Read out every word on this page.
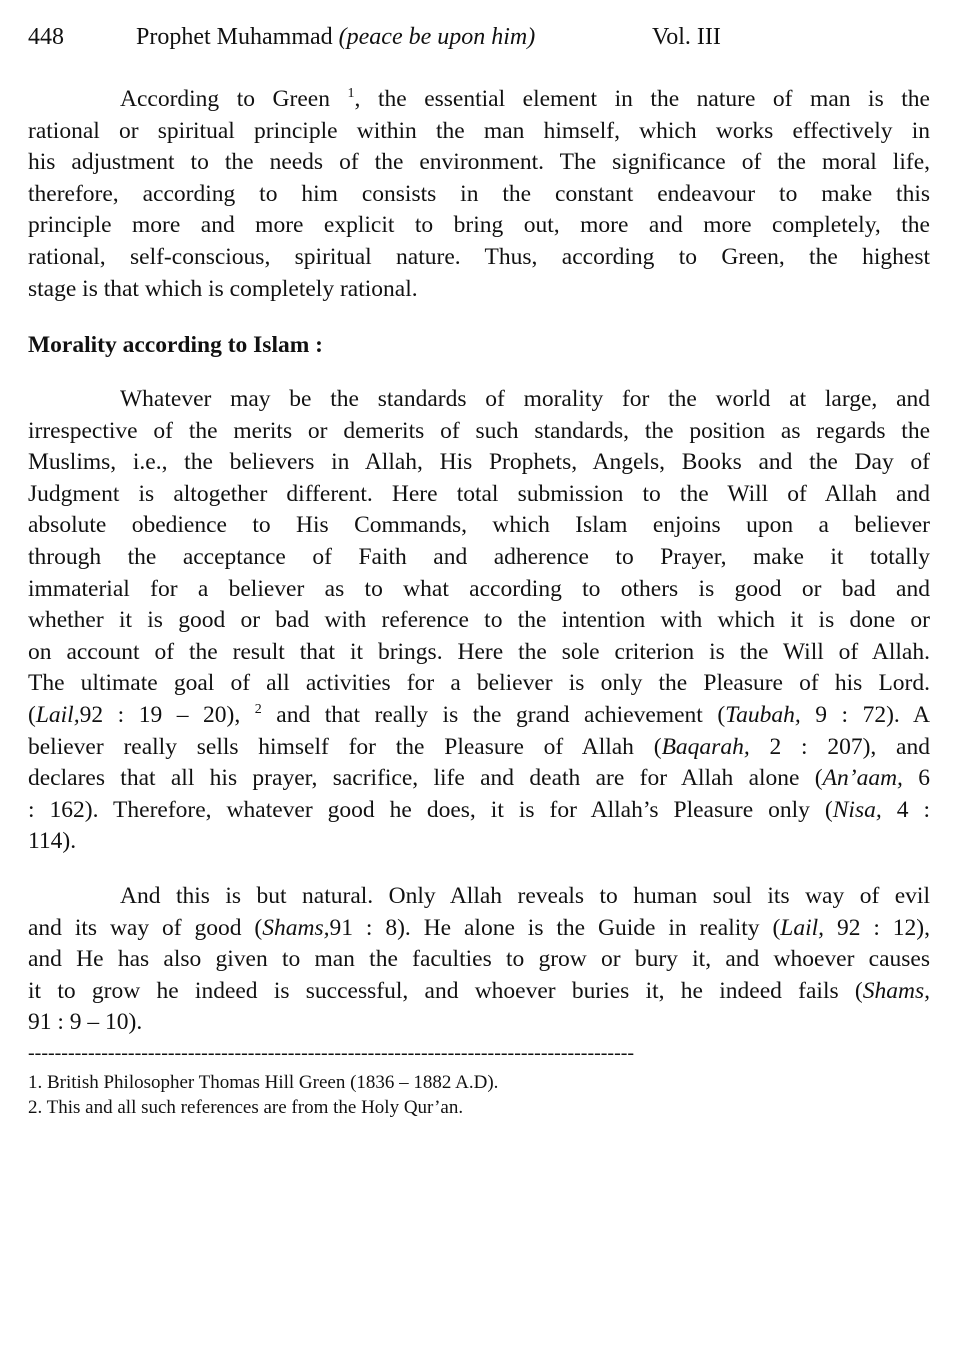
448	Prophet Muhammad (peace be upon him)	Vol. III
According to Green $^1$, the essential element in the nature of man is the
rational or spiritual principle within the man himself, which works effectively in
his adjustment to the needs of the environment. The significance of the moral life,
therefore, according to him consists in the constant endeavour to make this
principle more and more explicit to bring out, more and more completely, the
rational, self-conscious, spiritual nature. Thus, according to Green, the highest
stage is that which is completely rational.
Morality according to Islam :
Whatever may be the standards of morality for the world at large, and
irrespective of the merits or demerits of such standards, the position as regards the
Muslims, i.e., the believers in Allah, His Prophets, Angels, Books and the Day of
Judgment is altogether different. Here total submission to the Will of Allah and
absolute obedience to His Commands, which Islam enjoins upon a believer
through the acceptance of Faith and adherence to Prayer, make it totally
immaterial for a believer as to what according to others is good or bad and
whether it is good or bad with reference to the intention with which it is done or
on account of the result that it brings. Here the sole criterion is the Will of Allah.
The ultimate goal of all activities for a believer is only the Pleasure of his Lord.
(Lail,92 : 19 – 20), $^2$ and that really is the grand achievement (Taubah, 9 : 72). A
believer really sells himself for the Pleasure of Allah (Baqarah, 2 : 207), and
declares that all his prayer, sacrifice, life and death are for Allah alone (An’aam, 6
: 162). Therefore, whatever good he does, it is for Allah’s Pleasure only (Nisa, 4 :
114).
And this is but natural. Only Allah reveals to human soul its way of evil
and its way of good (Shams,91 : 8). He alone is the Guide in reality (Lail, 92 : 12),
and He has also given to man the faculties to grow or bury it, and whoever causes
it to grow he indeed is successful, and whoever buries it, he indeed fails (Shams,
91 : 9 – 10).
-------------------------------------------------------------------------------------------
1. British Philosopher Thomas Hill Green (1836 – 1882 A.D).
2. This and all such references are from the Holy Qur’an.
